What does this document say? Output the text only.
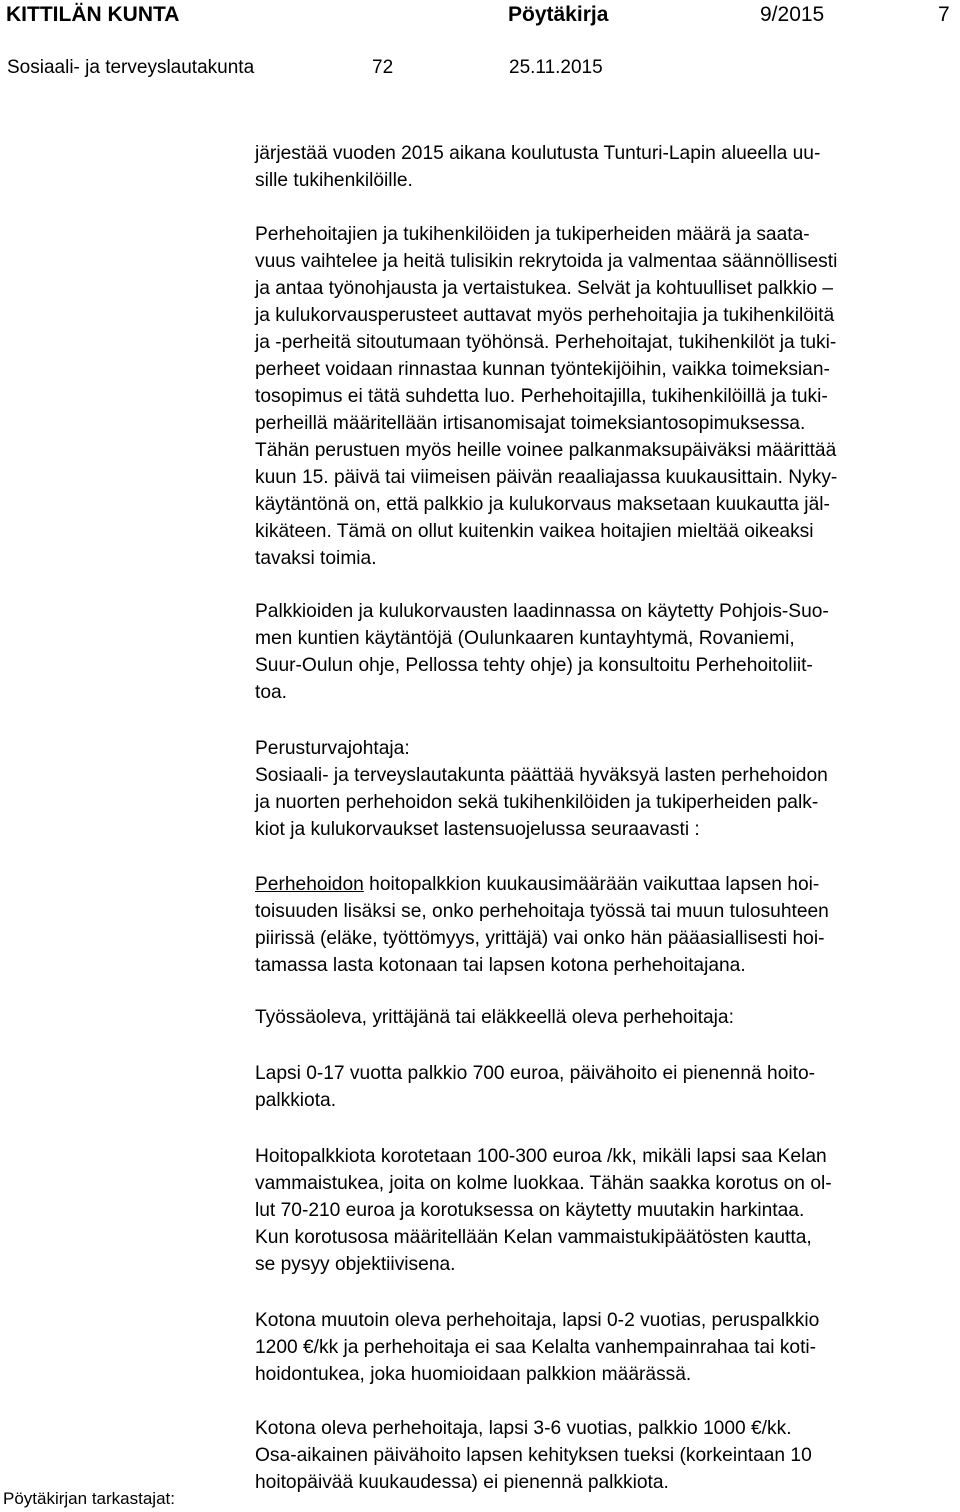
KITTILÄN KUNTA	Pöytäkirja	9/2015	7
Sosiaali- ja terveyslautakunta	72	25.11.2015

järjestää vuoden 2015 aikana koulutusta Tunturi-Lapin alueella uu-
sille tukihenkilöille.

Perhehoitajien ja tukihenkilöiden ja tukiperheiden määrä ja saata-
vuus vaihtelee ja heitä tulisikin rekrytoida ja valmentaa säännöllisesti
ja antaa työnohjausta ja vertaistukea. Selvät ja kohtuulliset palkkio –
ja kulukorvausperusteet auttavat myös perhehoitajia ja tukihenkilöitä
ja -perheitä sitoutumaan työhönsä. Perhehoitajat, tukihenkilöt ja tuki-
perheet voidaan rinnastaa kunnan työntekijöihin, vaikka toimeksian-
tosopimus ei tätä suhdetta luo. Perhehoitajilla, tukihenkilöillä ja tuki-
perheillä määritellään irtisanomisajat toimeksiantosopimuksessa.
Tähän perustuen myös heille voinee palkanmaksupäiväksi määrittää
kuun 15. päivä tai viimeisen päivän reaaliajassa kuukausittain. Nyky-
käytäntönä on, että palkkio ja kulukorvaus maksetaan kuukautta jäl-
kikäteen. Tämä on ollut kuitenkin vaikea hoitajien mieltää oikeaksi
tavaksi toimia.

Palkkioiden ja kulukorvausten laadinnassa on käytetty Pohjois-Suo-
men kuntien käytäntöjä (Oulunkaaren kuntayhtymä, Rovaniemi,
Suur-Oulun ohje, Pellossa tehty ohje) ja konsultoitu Perhehoitoliit-
toa.

Perusturvajohtaja:
Sosiaali- ja terveyslautakunta päättää hyväksyä lasten perhehoidon
ja nuorten perhehoidon sekä tukihenkilöiden ja tukiperheiden palk-
kiot ja kulukorvaukset lastensuojelussa seuraavasti :

Perhehoidon hoitopalkkion kuukausimäärään vaikuttaa lapsen hoi-
toisuuden lisäksi se, onko perhehoitaja työssä tai muun tulosuhteen
piirissä (eläke, työttömyys, yrittäjä) vai onko hän pääasiallisesti hoi-
tamassa lasta kotonaan tai lapsen kotona perhehoitajana.

Työssäoleva, yrittäjänä tai eläkkeellä oleva perhehoitaja:

Lapsi 0-17 vuotta palkkio 700 euroa, päivähoito ei pienennä hoito-
palkkiota.

Hoitopalkkiota korotetaan 100-300 euroa /kk, mikäli lapsi saa Kelan
vammaistukea, joita on kolme luokkaa. Tähän saakka korotus on ol-
lut 70-210 euroa ja korotuksessa on käytetty muutakin harkintaa.
Kun korotusosa määritellään Kelan vammaistukipäätösten kautta,
se pysyy objektiivisena.

Kotona muutoin oleva perhehoitaja, lapsi 0-2 vuotias, peruspalkkio
1200 €/kk ja perhehoitaja ei saa Kelalta vanhempainrahaa tai koti-
hoidontukea, joka huomioidaan palkkion määrässä.

Kotona oleva perhehoitaja, lapsi 3-6 vuotias, palkkio 1000 €/kk.
Osa-aikainen päivähoito lapsen kehityksen tueksi (korkeintaan 10
hoitopäivää kuukaudessa) ei pienennä palkkiota.

Pöytäkirjan tarkastajat:
